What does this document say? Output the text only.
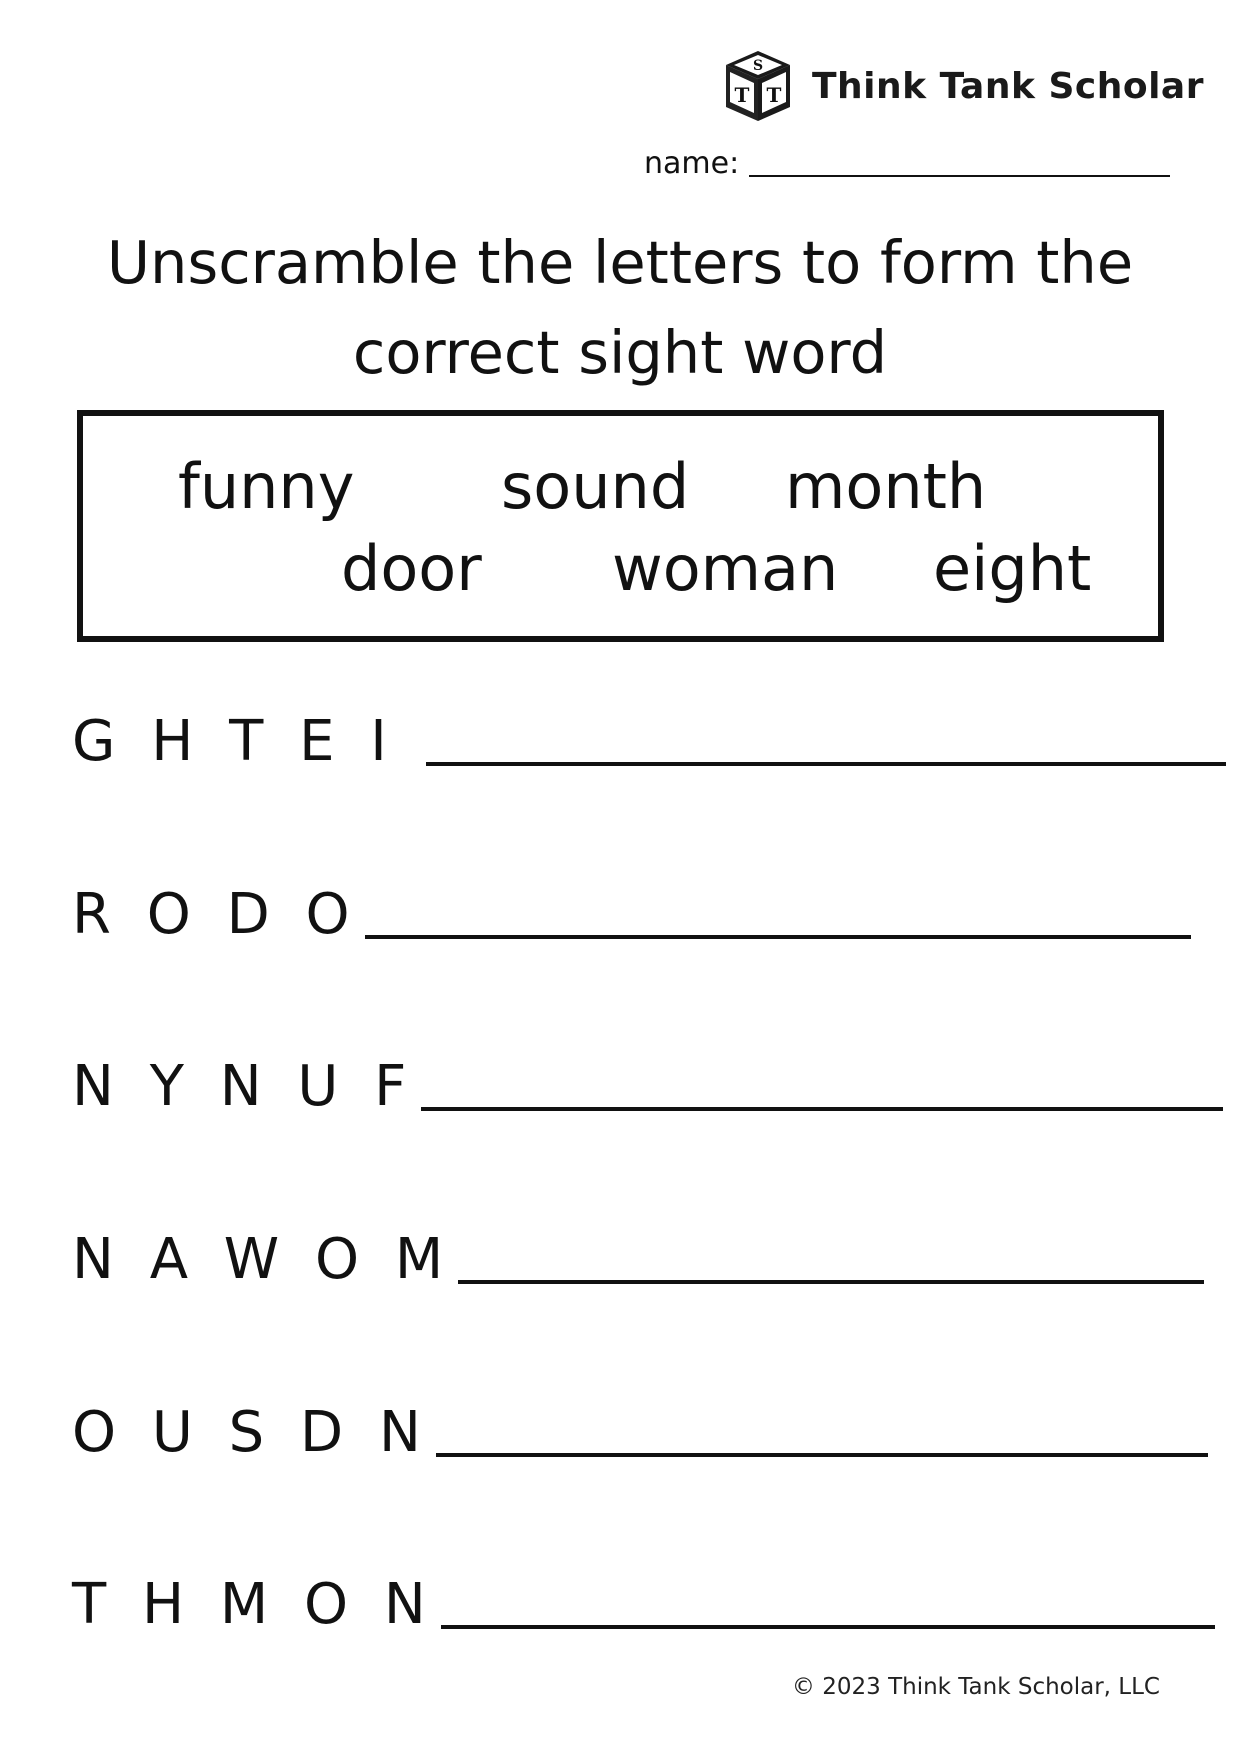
S
T T Think Tank Scholar
name:
Unscramble the letters to form the
correct sight word
funny sound month
door woman eight
G H T E I
R O D O
N Y N U F
N A W O M
O U S D N
T H M O N
© 2023 Think Tank Scholar, LLC
